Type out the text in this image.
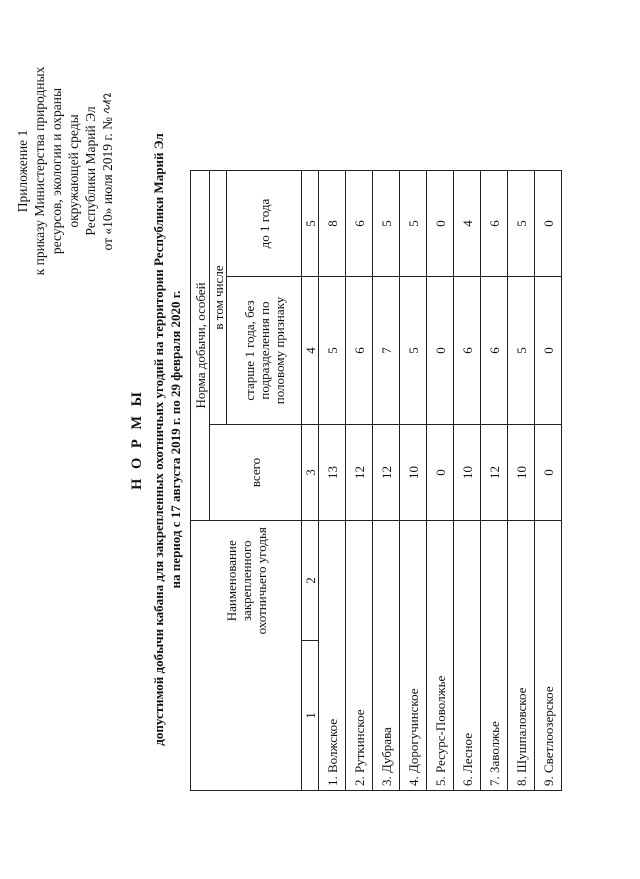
Приложение 1 к приказу Министерства природных ресурсов, экологии и охраны окружающей среды Республики Марий Эл от «10» июля 2019 г. №
Н О Р М Ы допустимой добычи кабана для закрепленных охотничьих угодий на территории Республики Марий Эл на период с 17 августа 2019 г. по 29 февраля 2020 г.
		Наименование закрепленного охотничьего угодья	Норма добычи, особей		
		всего	в том числе	
			старше 1 года, без подразделения по половому признаку	до 1 года
1	2	3	4	5
1. Волжское		13	5	8
2. Руткинское		12	6	6
3. Дубрава		12	7	5
4. Дорогучинское		10	5	5
5. Ресурс-Поволжье		0	0	0
6. Лесное		10	6	4
7. Заволжье		12	6	6
8. Шушпаловское		10	5	5
9. Светлоозерское		0	0	0
